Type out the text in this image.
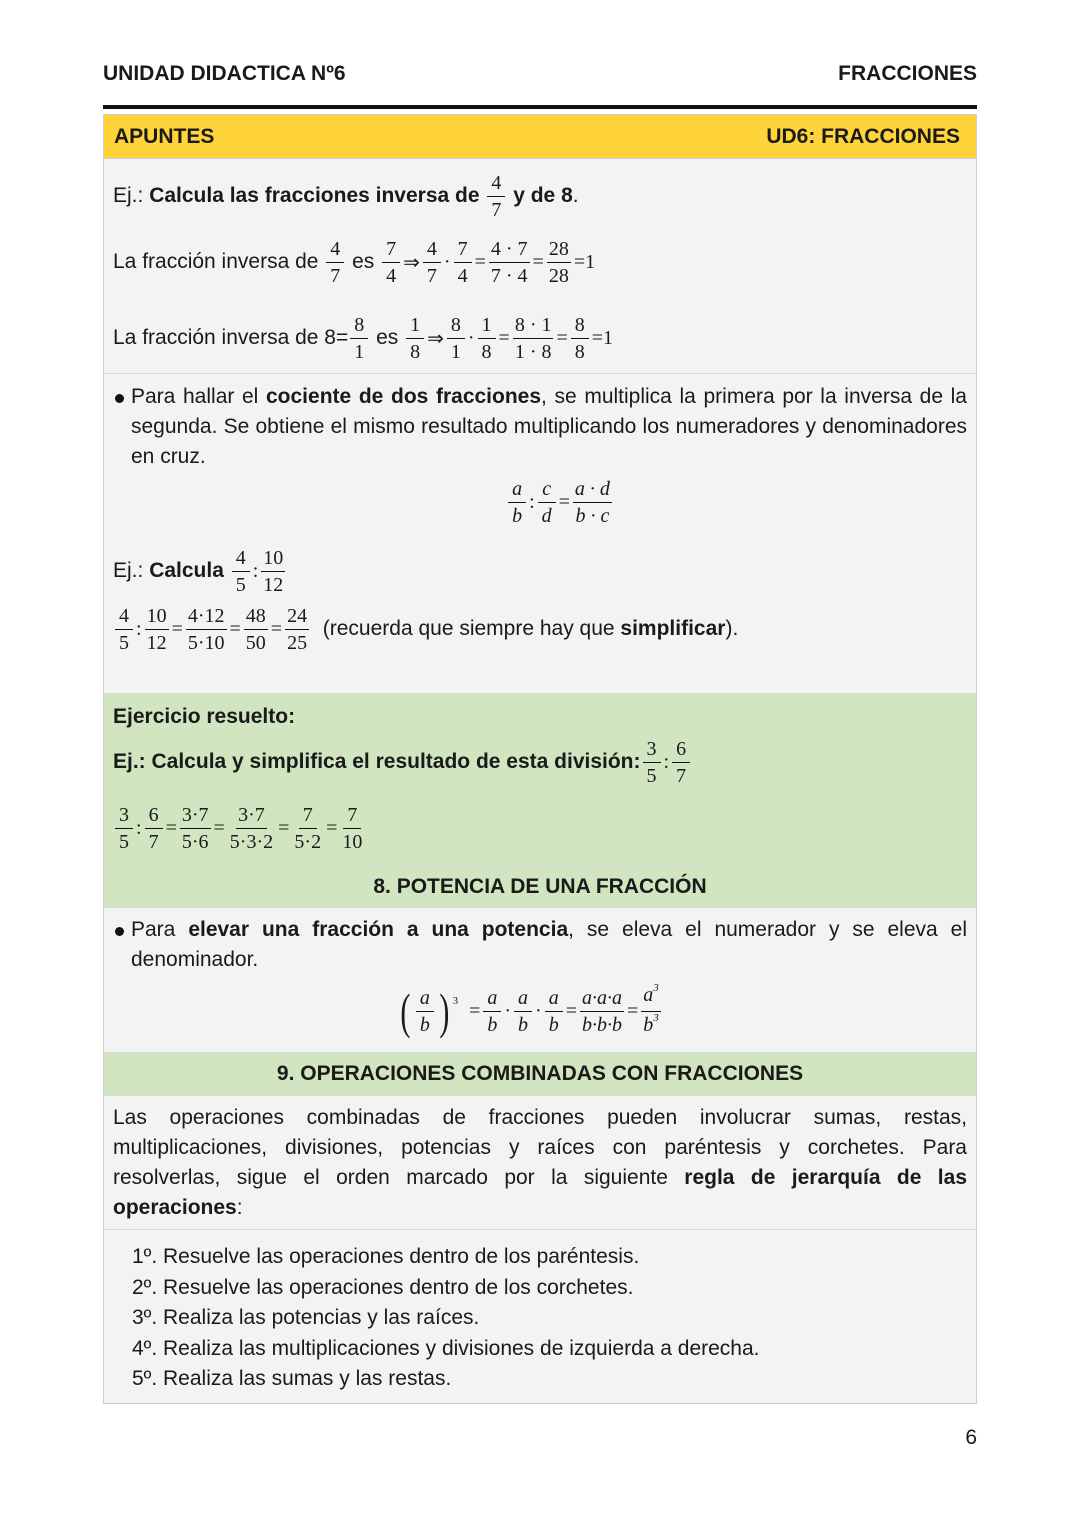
UNIDAD DIDACTICA Nº6	FRACCIONES
APUNTES	UD6: FRACCIONES
Ej.: Calcula las fracciones inversa de $\frac{4}{7}$ y de 8 .
La fracción inversa de $\frac{4}{7}$ es $\frac{7}{4}$ ⇒ $\frac{4}{7} \cdot \frac{7}{4} = \frac{4 \cdot 7}{7 \cdot 4} = \frac{28}{28} =1$
La fracción inversa de $8= \frac{8}{1}$ es $\frac{1}{8}$ ⇒ $\frac{8}{1} \cdot \frac{1}{8} = \frac{8 \cdot 1}{1 \cdot 8} = \frac{8}{8} =1$
Para hallar el cociente de dos fracciones, se multiplica la primera por la inversa de la segunda. Se obtiene el mismo resultado multiplicando los numeradores y denominadores en cruz.
$\frac{a}{b}$ : $\frac{c}{d} = \frac{a \cdot d}{b \cdot c}$
Ej.: Calcula $\frac{4}{5}$ : $\frac{10}{12}$
$\frac{4}{5}$ : $\frac{10}{12} = \frac{4\cdot 12}{5\cdot 10} = \frac{48}{50} = \frac{24}{25}$ (recuerda que siempre hay que simplificar ).
Ejercicio resuelto:
Ej.: Calcula y simplifica el resultado de esta división: $\frac{3}{5}$ : $\frac{6}{7}$
$\frac{3}{5}$ : $\frac{6}{7} = \frac{3\cdot 7}{5\cdot 6} = \frac{3\cdot 7}{5\cdot 3\cdot 2} = \frac{7}{5\cdot 2} = \frac{7}{10}$
8. POTENCIA DE UNA FRACCIÓN
Para elevar una fracción a una potencia, se eleva el numerador y se eleva el denominador.
( $\frac{a}{b}$ ) $^3 = \frac{a}{b} \cdot \frac{a}{b} \cdot \frac{a}{b} = \frac{a\cdot a\cdot a}{b\cdot b\cdot b} = \frac{a^3}{b^3}$
9. OPERACIONES COMBINADAS CON FRACCIONES
Las operaciones combinadas de fracciones pueden involucrar sumas, restas, multiplicaciones, divisiones, potencias y raíces con paréntesis y corchetes. Para resolverlas, sigue el orden marcado por la siguiente regla de jerarquía de las operaciones:
1º. Resuelve las operaciones dentro de los paréntesis.
2º. Resuelve las operaciones dentro de los corchetes.
3º. Realiza las potencias y las raíces.
4º. Realiza las multiplicaciones y divisiones de izquierda a derecha.
5º. Realiza las sumas y las restas.
6
